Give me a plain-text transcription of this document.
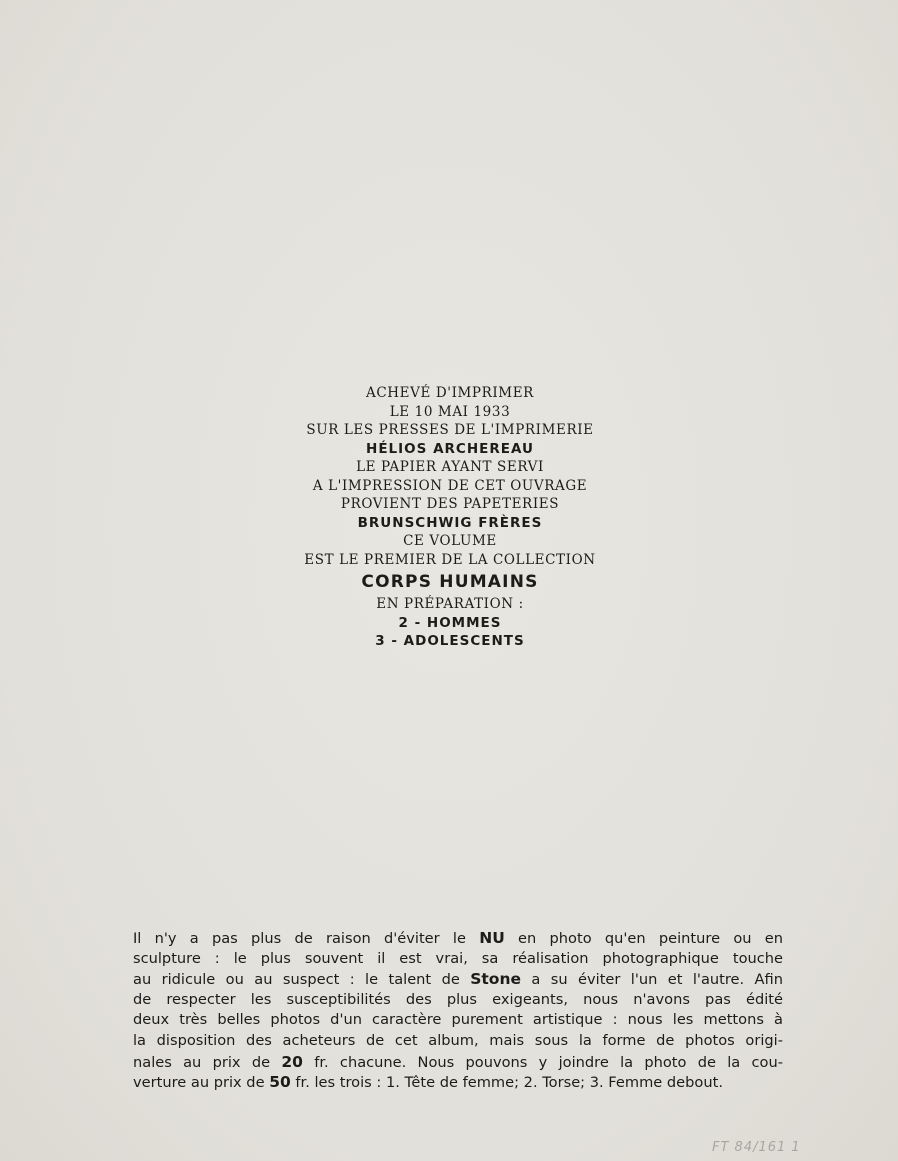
ACHEVÉ D'IMPRIMER
LE 10 MAI 1933
SUR LES PRESSES DE L'IMPRIMERIE
HÉLIOS ARCHEREAU
LE PAPIER AYANT SERVI
A L'IMPRESSION DE CET OUVRAGE
PROVIENT DES PAPETERIES
BRUNSCHWIG FRÈRES
CE VOLUME
EST LE PREMIER DE LA COLLECTION
CORPS HUMAINS
EN PRÉPARATION :
2 - HOMMES
3 - ADOLESCENTS
Il n'y a pas plus de raison d'éviter le NU en photo qu'en peinture ou en
sculpture : le plus souvent il est vrai, sa réalisation photographique touche
au ridicule ou au suspect : le talent de Stone a su éviter l'un et l'autre. Afin
de respecter les susceptibilités des plus exigeants, nous n'avons pas édité
deux très belles photos d'un caractère purement artistique : nous les mettons à
la disposition des acheteurs de cet album, mais sous la forme de photos origi-
nales au prix de 20 fr. chacune. Nous pouvons y joindre la photo de la cou-
verture au prix de 50 fr. les trois : 1. Tête de femme; 2. Torse; 3. Femme debout.
FT 84/161 1
